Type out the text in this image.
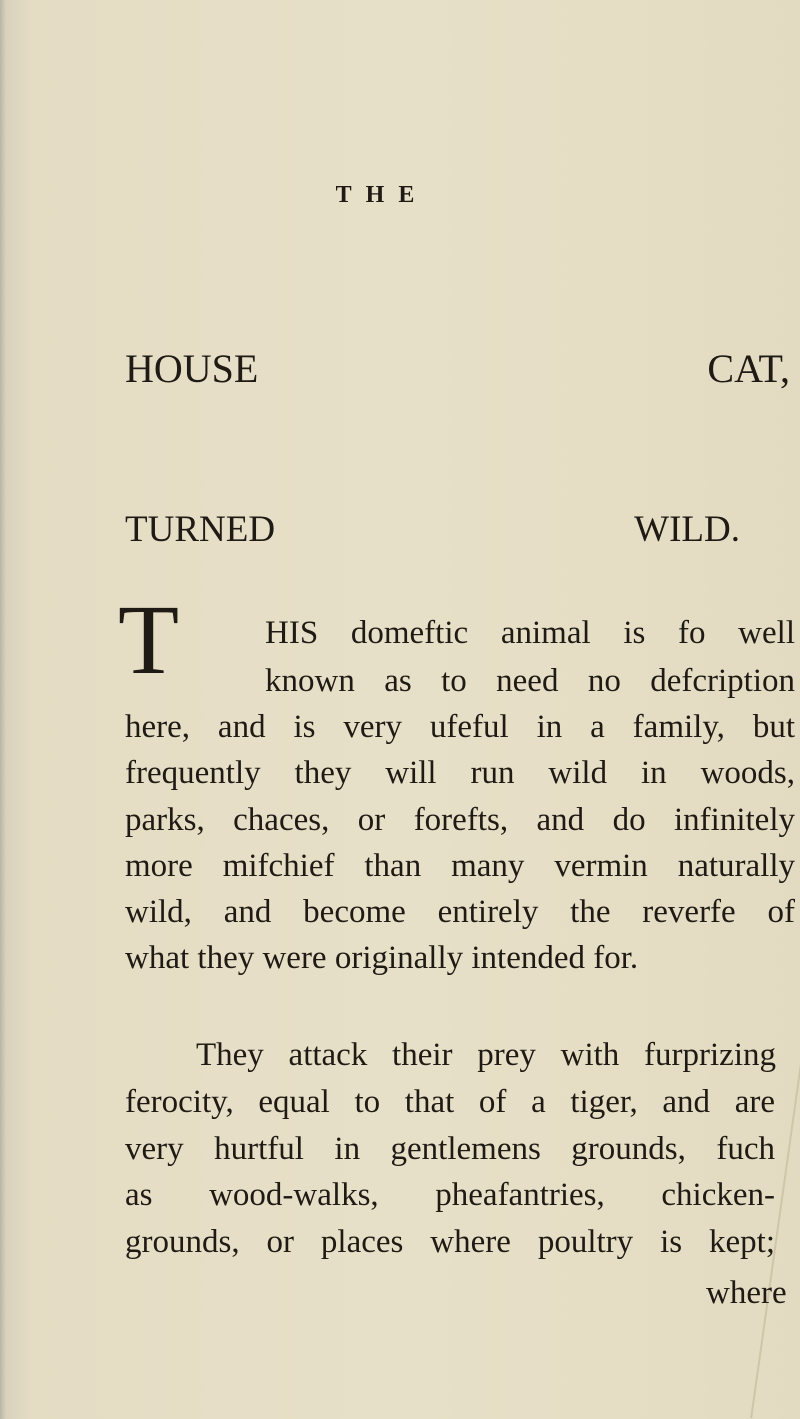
THE
HOUSE CAT,
TURNED WILD.
T	HIS domeftic animal is fo well
known as to need no defcription
here, and is very ufeful in a family, but
frequently they will run wild in woods,
parks, chaces, or forefts, and do infinitely
more mifchief than many vermin naturally
wild, and become entirely the reverfe of
what they were originally intended for.
They attack their prey with furprizing
ferocity, equal to that of a tiger, and are
very hurtful in gentlemens grounds, fuch
as wood-walks, pheafantries, chicken-
grounds, or places where poultry is kept;
where
